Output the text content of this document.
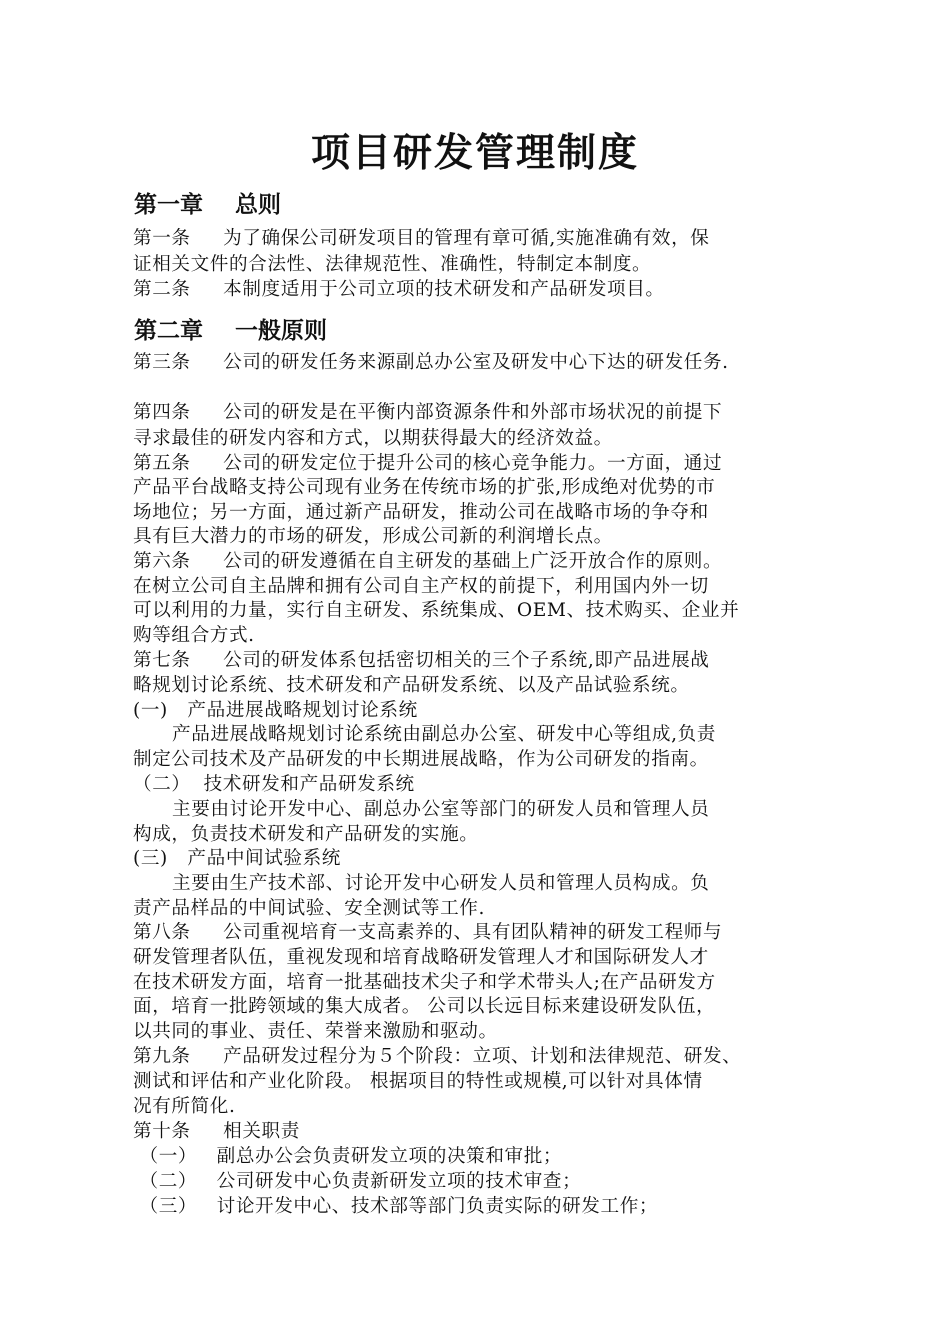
项目研发管理制度
第一章    总则
第一条     为了确保公司研发项目的管理有章可循,实施准确有效，保
证相关文件的合法性、法律规范性、准确性，特制定本制度。
第二条     本制度适用于公司立项的技术研发和产品研发项目。
第二章    一般原则
第三条     公司的研发任务来源副总办公室及研发中心下达的研发任务.
第四条     公司的研发是在平衡内部资源条件和外部市场状况的前提下
寻求最佳的研发内容和方式，以期获得最大的经济效益。
第五条     公司的研发定位于提升公司的核心竞争能力。一方面，通过
产品平台战略支持公司现有业务在传统市场的扩张,形成绝对优势的市
场地位；另一方面，通过新产品研发，推动公司在战略市场的争夺和
具有巨大潜力的市场的研发，形成公司新的利润增长点。
第六条     公司的研发遵循在自主研发的基础上广泛开放合作的原则。
在树立公司自主品牌和拥有公司自主产权的前提下，利用国内外一切
可以利用的力量，实行自主研发、系统集成、OEM、技术购买、企业并
购等组合方式.
第七条     公司的研发体系包括密切相关的三个子系统,即产品进展战
略规划讨论系统、技术研发和产品研发系统、以及产品试验系统。
(一)   产品进展战略规划讨论系统
产品进展战略规划讨论系统由副总办公室、研发中心等组成,负责
制定公司技术及产品研发的中长期进展战略，作为公司研发的指南。
（二）  技术研发和产品研发系统
主要由讨论开发中心、副总办公室等部门的研发人员和管理人员
构成，负责技术研发和产品研发的实施。
(三)   产品中间试验系统
主要由生产技术部、讨论开发中心研发人员和管理人员构成。负
责产品样品的中间试验、安全测试等工作.
第八条     公司重视培育一支高素养的、具有团队精神的研发工程师与
研发管理者队伍，重视发现和培育战略研发管理人才和国际研发人才
在技术研发方面，培育一批基础技术尖子和学术带头人;在产品研发方
面，培育一批跨领域的集大成者。 公司以长远目标来建设研发队伍，
以共同的事业、责任、荣誉来激励和驱动。
第九条     产品研发过程分为５个阶段：立项、计划和法律规范、研发、
测试和评估和产业化阶段。 根据项目的特性或规模,可以针对具体情
况有所简化.
第十条     相关职责
（一）   副总办公会负责研发立项的决策和审批；
（二）   公司研发中心负责新研发立项的技术审查；
（三）   讨论开发中心、技术部等部门负责实际的研发工作；
